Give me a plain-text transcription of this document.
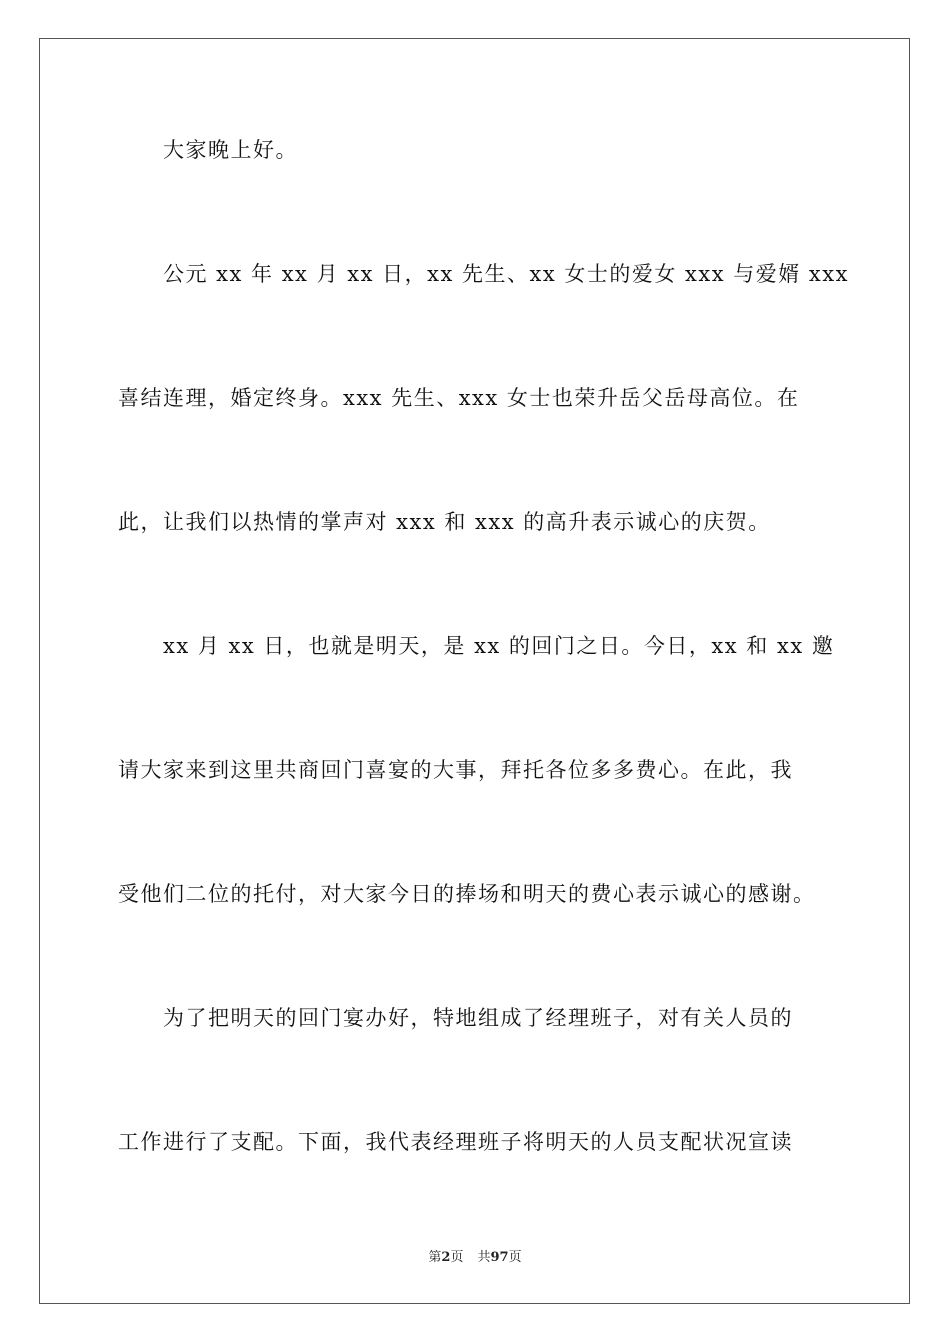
　　大家晚上好。
　　公元 xx 年 xx 月 xx 日，xx 先生、xx 女士的爱女 xxx 与爱婿 xxx
喜结连理，婚定终身。xxx 先生、xxx 女士也荣升岳父岳母高位。在
此，让我们以热情的掌声对 xxx 和 xxx 的高升表示诚心的庆贺。
　　xx 月 xx 日，也就是明天，是 xx 的回门之日。今日，xx 和 xx 邀
请大家来到这里共商回门喜宴的大事，拜托各位多多费心。在此，我
受他们二位的托付，对大家今日的捧场和明天的费心表示诚心的感谢。
　　为了把明天的回门宴办好，特地组成了经理班子，对有关人员的
工作进行了支配。下面，我代表经理班子将明天的人员支配状况宣读
第2页 共97页
